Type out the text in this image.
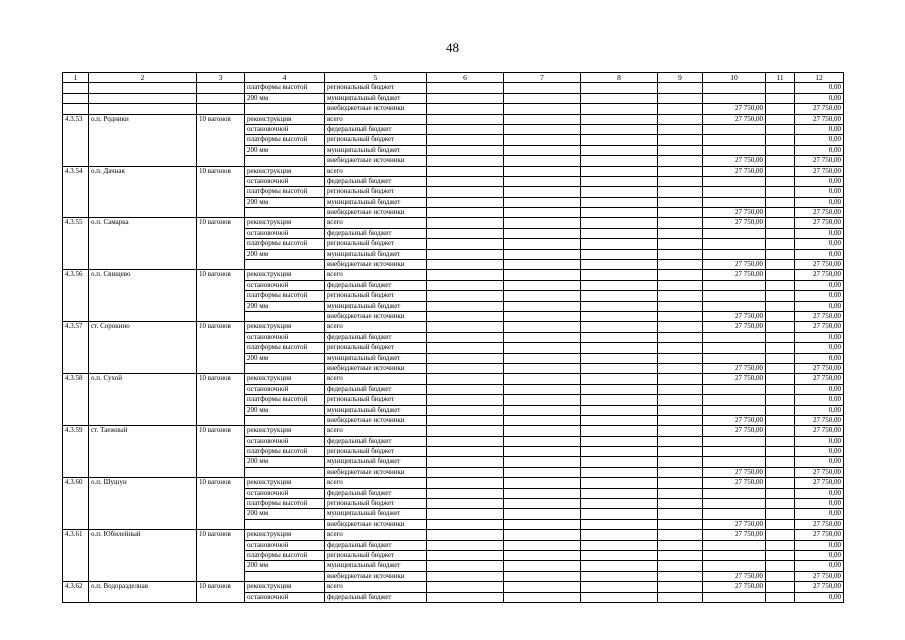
48
1	2	3	4	5	6	7	8	9	10	11	12
			платформы высотой	региональный бюджет							0,00
			200 мм	муниципальный бюджет							0,00
				внебюджетные источники					27 750,00		27 750,00
4.3.53	о.п. Родники	10 вагонов	реконструкция	всего					27 750,00		27 750,00
			остановочной	федеральный бюджет							0,00
			платформы высотой	региональный бюджет							0,00
			200 мм	муниципальный бюджет							0,00
				внебюджетные источники					27 750,00		27 750,00
4.3.54	о.п. Дачная	10 вагонов	реконструкция	всего					27 750,00		27 750,00
			остановочной	федеральный бюджет							0,00
			платформы высотой	региональный бюджет							0,00
			200 мм	муниципальный бюджет							0,00
				внебюджетные источники					27 750,00		27 750,00
4.3.55	о.п. Самарка	10 вагонов	реконструкция	всего					27 750,00		27 750,00
			остановочной	федеральный бюджет							0,00
			платформы высотой	региональный бюджет							0,00
			200 мм	муниципальный бюджет							0,00
				внебюджетные источники					27 750,00		27 750,00
4.3.56	о.п. Свищево	10 вагонов	реконструкция	всего					27 750,00		27 750,00
			остановочной	федеральный бюджет							0,00
			платформы высотой	региональный бюджет							0,00
			200 мм	муниципальный бюджет							0,00
				внебюджетные источники					27 750,00		27 750,00
4.3.57	ст. Сорокино	10 вагонов	реконструкция	всего					27 750,00		27 750,00
			остановочной	федеральный бюджет							0,00
			платформы высотой	региональный бюджет							0,00
			200 мм	муниципальный бюджет							0,00
				внебюджетные источники					27 750,00		27 750,00
4.3.58	о.п. Сухой	10 вагонов	реконструкция	всего					27 750,00		27 750,00
			остановочной	федеральный бюджет							0,00
			платформы высотой	региональный бюджет							0,00
			200 мм	муниципальный бюджет							0,00
				внебюджетные источники					27 750,00		27 750,00
4.3.59	ст. Таежный	10 вагонов	реконструкция	всего					27 750,00		27 750,00
			остановочной	федеральный бюджет							0,00
			платформы высотой	региональный бюджет							0,00
			200 мм	муниципальный бюджет							0,00
				внебюджетные источники					27 750,00		27 750,00
4.3.60	о.п. Шушун	10 вагонов	реконструкция	всего					27 750,00		27 750,00
			остановочной	федеральный бюджет							0,00
			платформы высотой	региональный бюджет							0,00
			200 мм	муниципальный бюджет							0,00
				внебюджетные источники					27 750,00		27 750,00
4.3.61	о.п. Юбилейный	10 вагонов	реконструкция	всего					27 750,00		27 750,00
			остановочной	федеральный бюджет							0,00
			платформы высотой	региональный бюджет							0,00
			200 мм	муниципальный бюджет							0,00
				внебюджетные источники					27 750,00		27 750,00
4.3.62	о.п. Водоразделная	10 вагонов	реконструкция	всего					27 750,00		27 750,00
			остановочной	федеральный бюджет							0,00
